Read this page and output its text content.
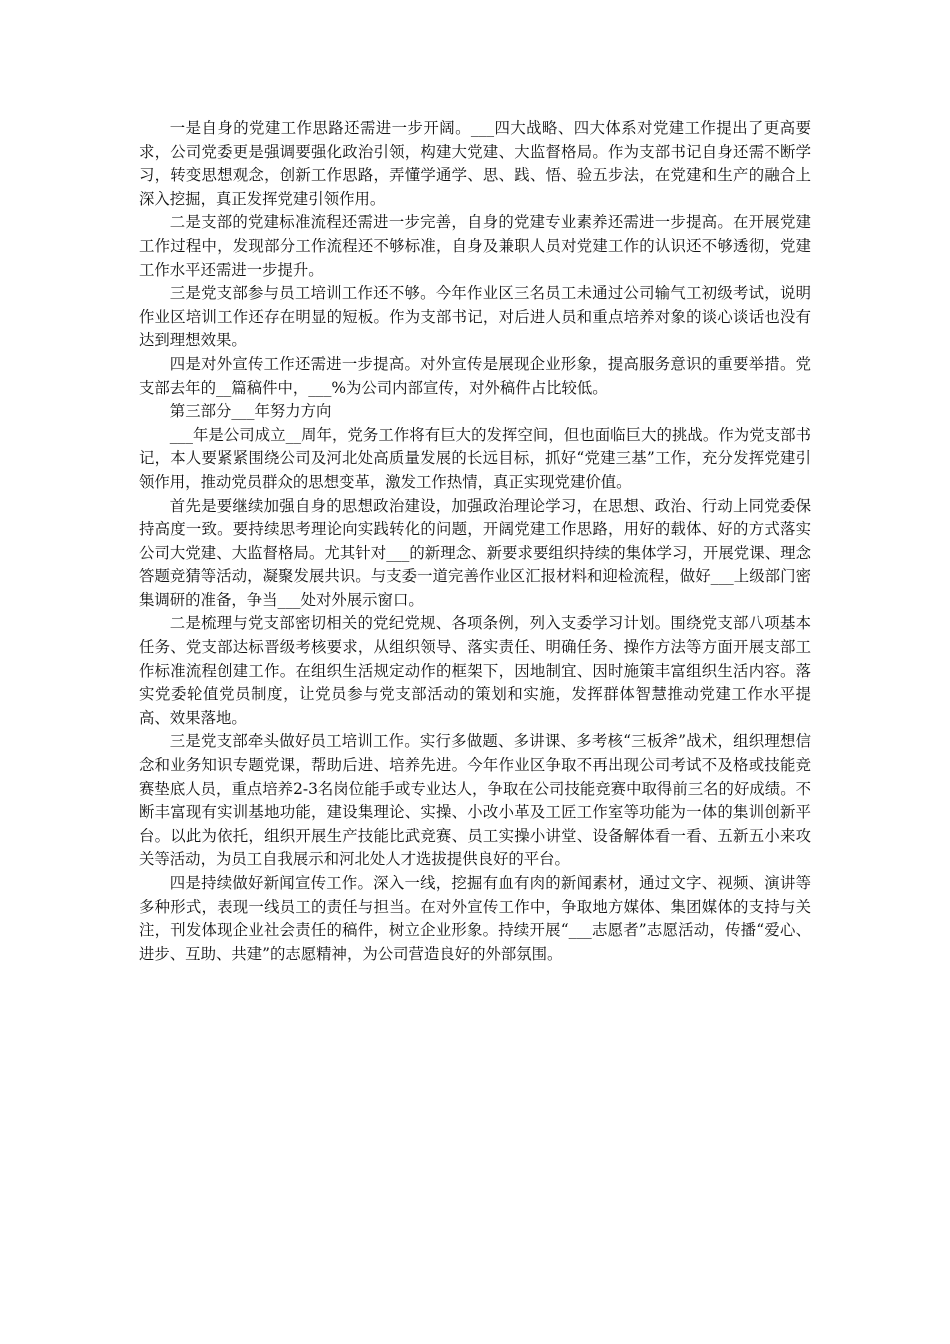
一是自身的党建工作思路还需进一步开阔。___四大战略、四大体系对党建工作提出了更高要求，公司党委更是强调要强化政治引领，构建大党建、大监督格局。作为支部书记自身还需不断学习，转变思想观念，创新工作思路，弄懂学通学、思、践、悟、验五步法，在党建和生产的融合上深入挖掘，真正发挥党建引领作用。

二是支部的党建标准流程还需进一步完善，自身的党建专业素养还需进一步提高。在开展党建工作过程中，发现部分工作流程还不够标准，自身及兼职人员对党建工作的认识还不够透彻，党建工作水平还需进一步提升。

三是党支部参与员工培训工作还不够。今年作业区三名员工未通过公司输气工初级考试，说明作业区培训工作还存在明显的短板。作为支部书记，对后进人员和重点培养对象的谈心谈话也没有达到理想效果。

四是对外宣传工作还需进一步提高。对外宣传是展现企业形象，提高服务意识的重要举措。党支部去年的__篇稿件中，___%为公司内部宣传，对外稿件占比较低。

第三部分___年努力方向

___年是公司成立__周年，党务工作将有巨大的发挥空间，但也面临巨大的挑战。作为党支部书记，本人要紧紧围绕公司及河北处高质量发展的长远目标，抓好“党建三基”工作，充分发挥党建引领作用，推动党员群众的思想变革，激发工作热情，真正实现党建价值。

首先是要继续加强自身的思想政治建设，加强政治理论学习，在思想、政治、行动上同党委保持高度一致。要持续思考理论向实践转化的问题，开阔党建工作思路，用好的载体、好的方式落实公司大党建、大监督格局。尤其针对___的新理念、新要求要组织持续的集体学习，开展党课、理念答题竞猜等活动，凝聚发展共识。与支委一道完善作业区汇报材料和迎检流程，做好___上级部门密集调研的准备，争当___处对外展示窗口。

二是梳理与党支部密切相关的党纪党规、各项条例，列入支委学习计划。围绕党支部八项基本任务、党支部达标晋级考核要求，从组织领导、落实责任、明确任务、操作方法等方面开展支部工作标准流程创建工作。在组织生活规定动作的框架下，因地制宜、因时施策丰富组织生活内容。落实党委轮值党员制度，让党员参与党支部活动的策划和实施，发挥群体智慧推动党建工作水平提高、效果落地。

三是党支部牵头做好员工培训工作。实行多做题、多讲课、多考核“三板斧”战术，组织理想信念和业务知识专题党课，帮助后进、培养先进。今年作业区争取不再出现公司考试不及格或技能竞赛垫底人员，重点培养2-3名岗位能手或专业达人，争取在公司技能竞赛中取得前三名的好成绩。不断丰富现有实训基地功能，建设集理论、实操、小改小革及工匠工作室等功能为一体的集训创新平台。以此为依托，组织开展生产技能比武竞赛、员工实操小讲堂、设备解体看一看、五新五小来攻关等活动，为员工自我展示和河北处人才选拔提供良好的平台。

四是持续做好新闻宣传工作。深入一线，挖掘有血有肉的新闻素材，通过文字、视频、演讲等多种形式，表现一线员工的责任与担当。在对外宣传工作中，争取地方媒体、集团媒体的支持与关注，刊发体现企业社会责任的稿件，树立企业形象。持续开展“___志愿者”志愿活动，传播“爱心、进步、互助、共建”的志愿精神，为公司营造良好的外部氛围。
